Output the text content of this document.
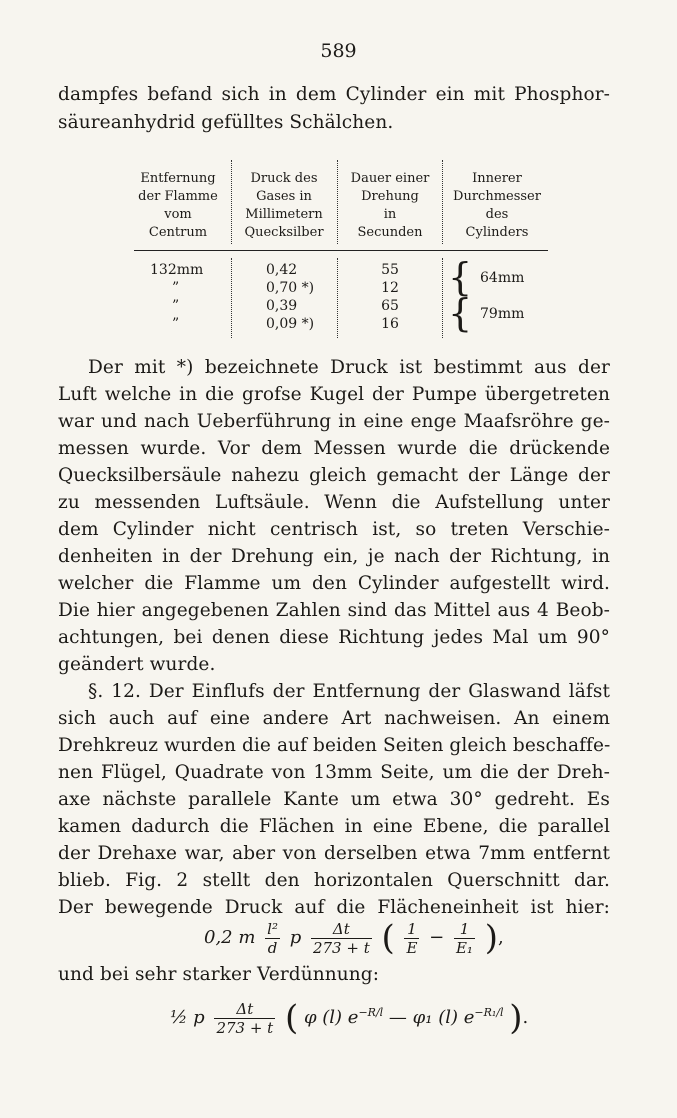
589
dampfes befand sich in dem Cylinder ein mit Phosphor-
säureanhydrid gefülltes Schälchen.
Entfernung
der Flamme
vom
Centrum
Druck des
Gases in
Millimetern
Quecksilber
Dauer einer
Drehung
in
Secunden
Innerer
Durchmesser
des
Cylinders
132mm
”
”
”
0,42
0,70 *)
0,39
0,09 *)
55
12
65
16
{ 64mm
{ 79mm
Der mit *) bezeichnete Druck ist bestimmt aus der
Luft welche in die grofse Kugel der Pumpe übergetreten
war und nach Ueberführung in eine enge Maafsröhre ge-
messen wurde. Vor dem Messen wurde die drückende
Quecksilbersäule nahezu gleich gemacht der Länge der
zu messenden Luftsäule. Wenn die Aufstellung unter
dem Cylinder nicht centrisch ist, so treten Verschie-
denheiten in der Drehung ein, je nach der Richtung, in
welcher die Flamme um den Cylinder aufgestellt wird.
Die hier angegebenen Zahlen sind das Mittel aus 4 Beob-
achtungen, bei denen diese Richtung jedes Mal um 90°
geändert wurde.
§. 12. Der Einflufs der Entfernung der Glaswand läfst
sich auch auf eine andere Art nachweisen. An einem
Drehkreuz wurden die auf beiden Seiten gleich beschaffe-
nen Flügel, Quadrate von 13mm Seite, um die der Dreh-
axe nächste parallele Kante um etwa 30° gedreht. Es
kamen dadurch die Flächen in eine Ebene, die parallel
der Drehaxe war, aber von derselben etwa 7mm entfernt
blieb. Fig. 2 stellt den horizontalen Querschnitt dar.
Der bewegende Druck auf die Flächeneinheit ist hier:
0,2 m $\frac{\text{l²}}{d}$ p $\frac{\Delta t}{273 + t}$ ( $\frac{1}{E} - \frac{1}{\text{E₁}}$ ),
und bei sehr starker Verdünnung:
½ p $\frac{\Delta t}{273 + t}$ ( φ (l) $e^{-R/l}$ — φ₁ (l) $e^{-R_1/l}$ ).
